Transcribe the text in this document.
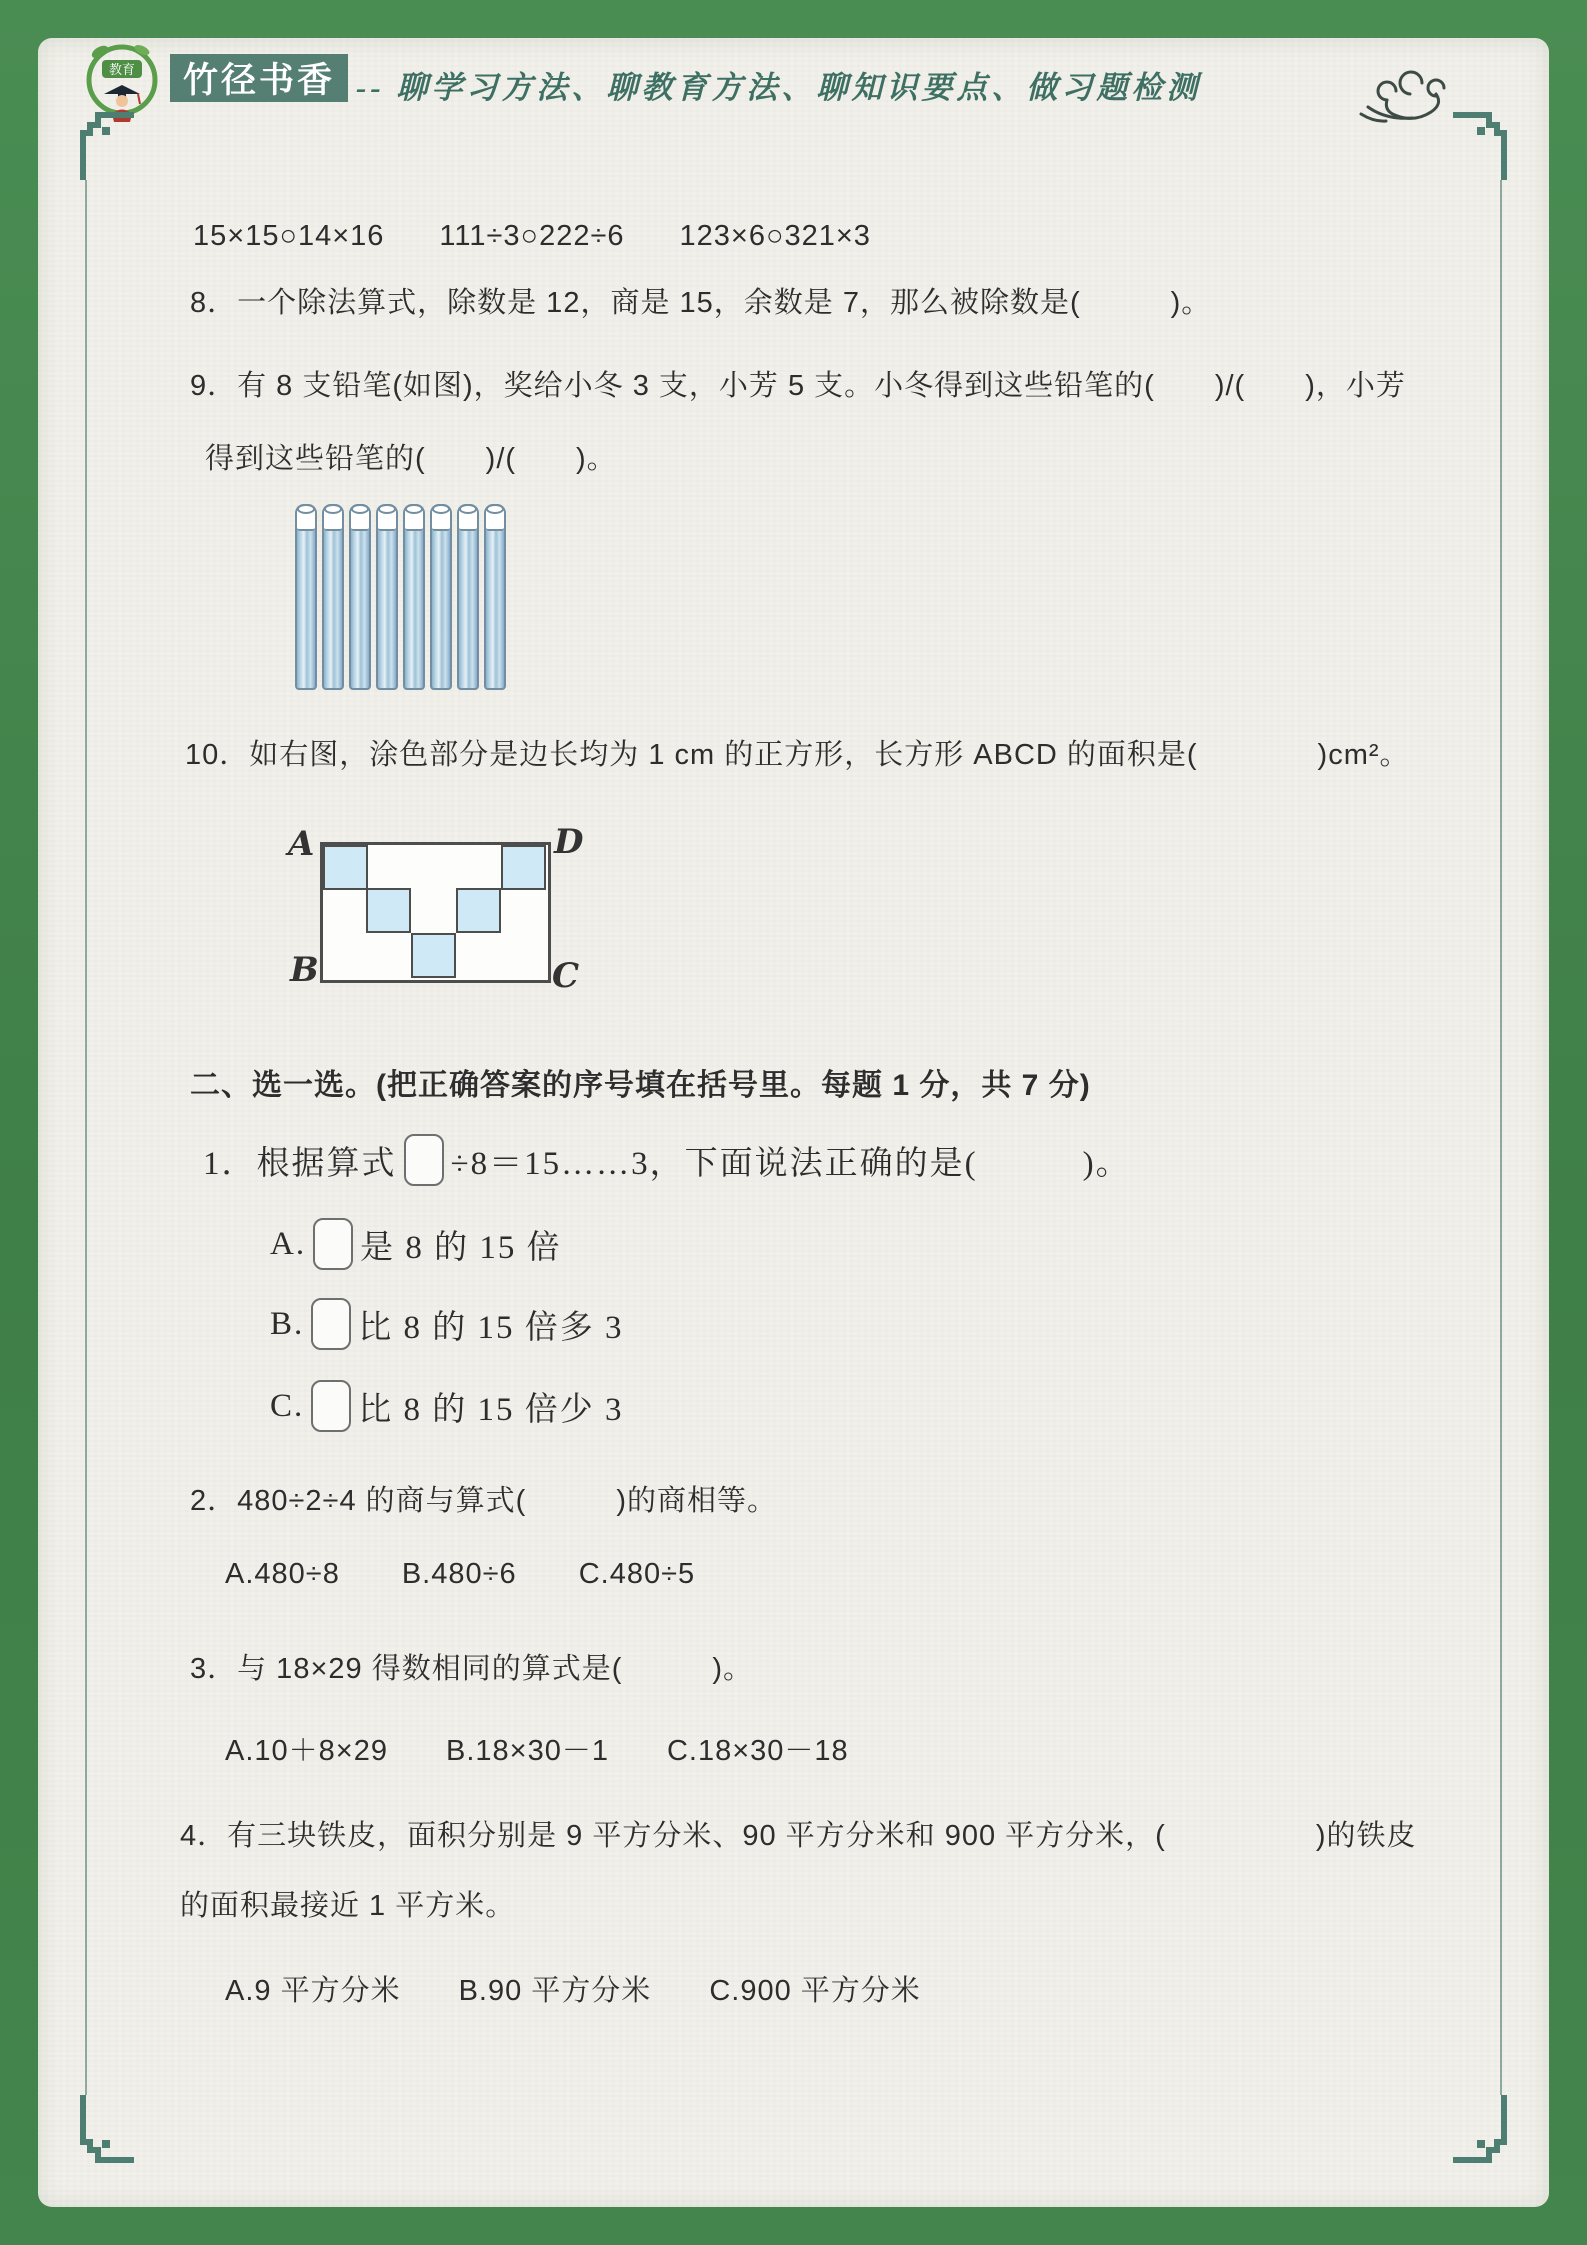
教育 竹径书香 -- 聊学习方法、聊教育方法、聊知识要点、做习题检测
15×15○14×16 111÷3○222÷6 123×6○321×3
8．一个除法算式，除数是 12，商是 15，余数是 7，那么被除数是(　　　)。
9．有 8 支铅笔(如图)，奖给小冬 3 支，小芳 5 支。小冬得到这些铅笔的(　　)/(　　)，小芳
得到这些铅笔的(　　)/(　　)。
10．如右图，涂色部分是边长均为 1 cm 的正方形，长方形 ABCD 的面积是(　　　　)cm²。
A	D
B	C
二、选一选。(把正确答案的序号填在括号里。每题 1 分，共 7 分)
1．根据算式 ÷8＝15……3，下面说法正确的是(　　　)。
A. 是 8 的 15 倍
B. 比 8 的 15 倍多 3
C. 比 8 的 15 倍少 3
2．480÷2÷4 的商与算式(　　　)的商相等。
A.480÷8 B.480÷6 C.480÷5
3．与 18×29 得数相同的算式是(　　　)。
A.10＋8×29 B.18×30－1 C.18×30－18
4．有三块铁皮，面积分别是 9 平方分米、90 平方分米和 900 平方分米，(　　　　　)的铁皮
的面积最接近 1 平方米。
A.9 平方分米 B.90 平方分米 C.900 平方分米
